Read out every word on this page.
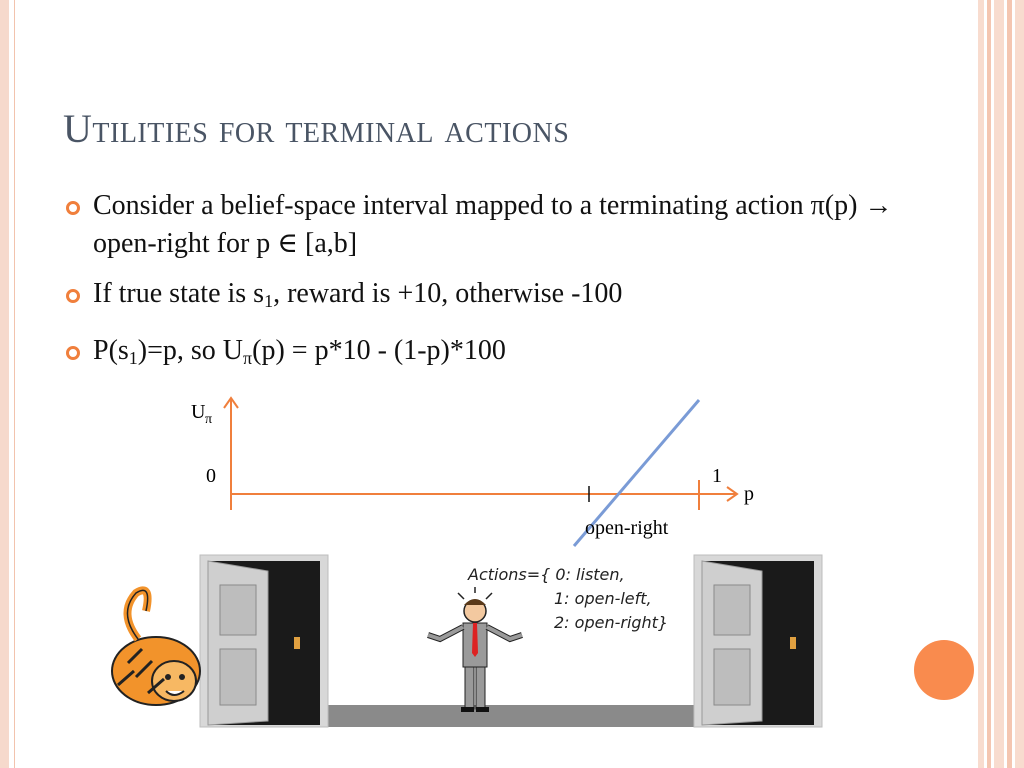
Utilities for terminal actions
Consider a belief-space interval mapped to a terminating action π(p) → open-right for p ∈ [a,b]
If true state is $s_1$, reward is +10, otherwise -100
$P(s_1)=p$, so $U_\pi(p) = p*10 - (1-p)*100$
U π
0	1
p
open-right
Actions={ 0: listen,
1: open-left,
2: open-right}
